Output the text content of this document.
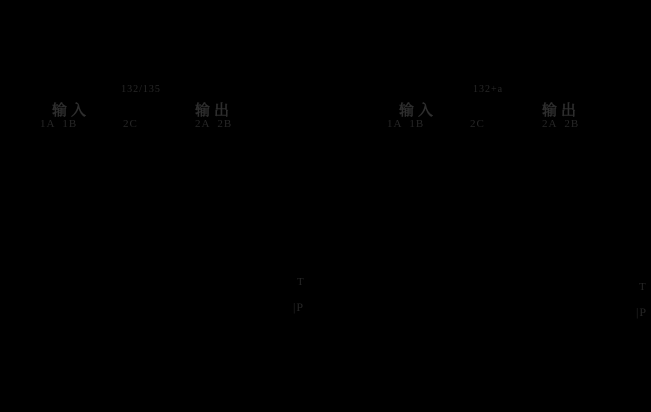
132/135
输入	输出
1A  1B	2C	2A  2B
132+a
输入	输出
1A  1B	2C	2A  2B
T
|P
T
|P
